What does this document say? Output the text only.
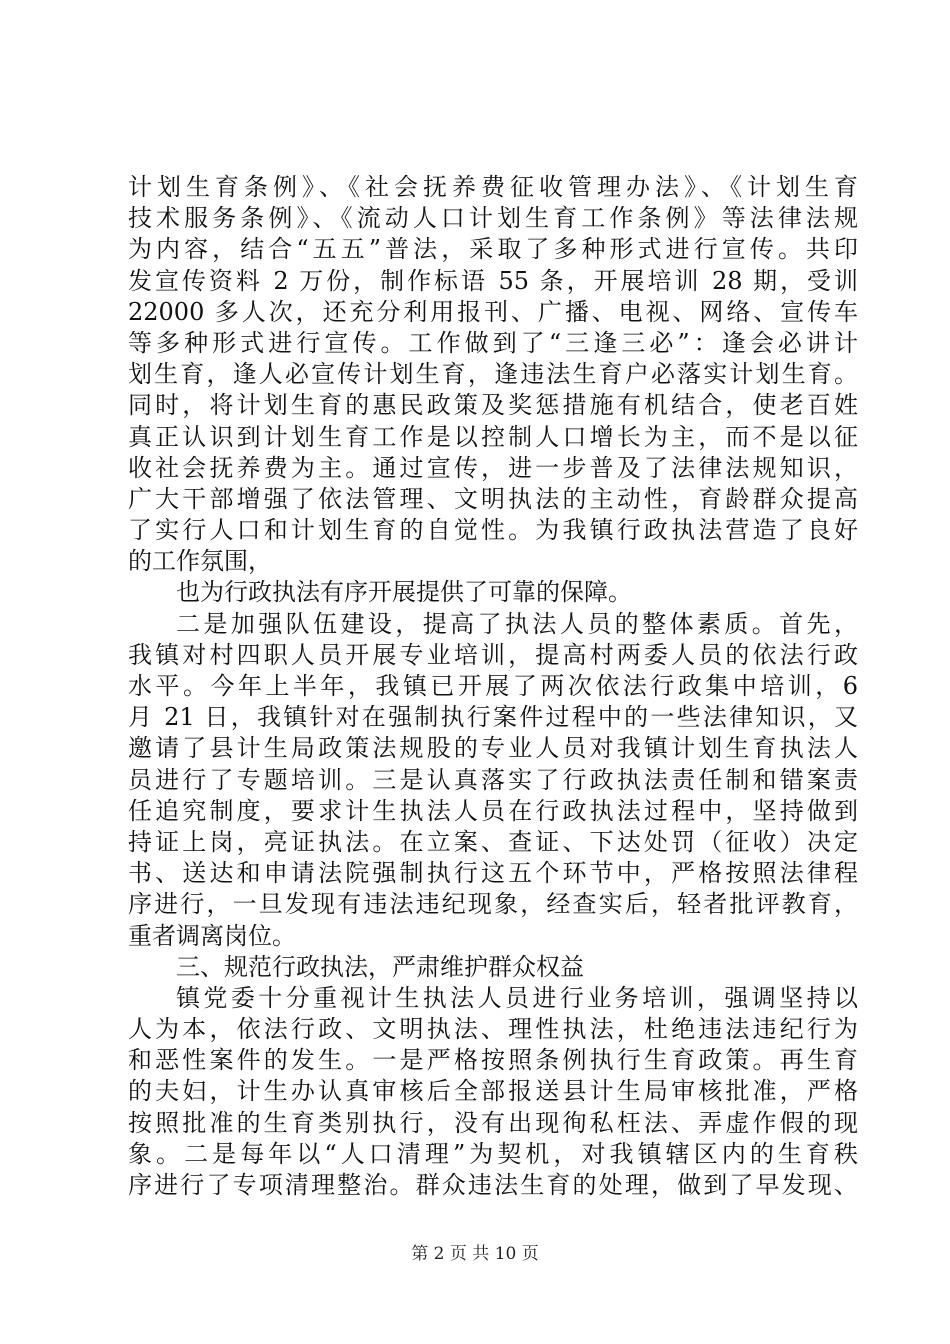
计划生育条例》、《社会抚养费征收管理办法》、《计划生育
技术服务条例》、《流动人口计划生育工作条例》等法律法规
为内容，结合“五五”普法，采取了多种形式进行宣传。共印
发宣传资料 2 万份，制作标语 55 条，开展培训 28 期，受训
22000 多人次，还充分利用报刊、广播、电视、网络、宣传车
等多种形式进行宣传。工作做到了“三逢三必”：逢会必讲计
划生育，逢人必宣传计划生育，逢违法生育户必落实计划生育。
同时，将计划生育的惠民政策及奖惩措施有机结合，使老百姓
真正认识到计划生育工作是以控制人口增长为主，而不是以征
收社会抚养费为主。通过宣传，进一步普及了法律法规知识，
广大干部增强了依法管理、文明执法的主动性，育龄群众提高
了实行人口和计划生育的自觉性。为我镇行政执法营造了良好
的工作氛围，
也为行政执法有序开展提供了可靠的保障。
二是加强队伍建设，提高了执法人员的整体素质。首先，
我镇对村四职人员开展专业培训，提高村两委人员的依法行政
水平。今年上半年，我镇已开展了两次依法行政集中培训，6
月 21 日，我镇针对在强制执行案件过程中的一些法律知识，又
邀请了县计生局政策法规股的专业人员对我镇计划生育执法人
员进行了专题培训。三是认真落实了行政执法责任制和错案责
任追究制度，要求计生执法人员在行政执法过程中，坚持做到
持证上岗，亮证执法。在立案、查证、下达处罚（征收）决定
书、送达和申请法院强制执行这五个环节中，严格按照法律程
序进行，一旦发现有违法违纪现象，经查实后，轻者批评教育，
重者调离岗位。
三、规范行政执法，严肃维护群众权益
镇党委十分重视计生执法人员进行业务培训，强调坚持以
人为本，依法行政、文明执法、理性执法，杜绝违法违纪行为
和恶性案件的发生。一是严格按照条例执行生育政策。再生育
的夫妇，计生办认真审核后全部报送县计生局审核批准，严格
按照批准的生育类别执行，没有出现徇私枉法、弄虚作假的现
象。二是每年以“人口清理”为契机，对我镇辖区内的生育秩
序进行了专项清理整治。群众违法生育的处理，做到了早发现、
第 2 页 共 10 页
